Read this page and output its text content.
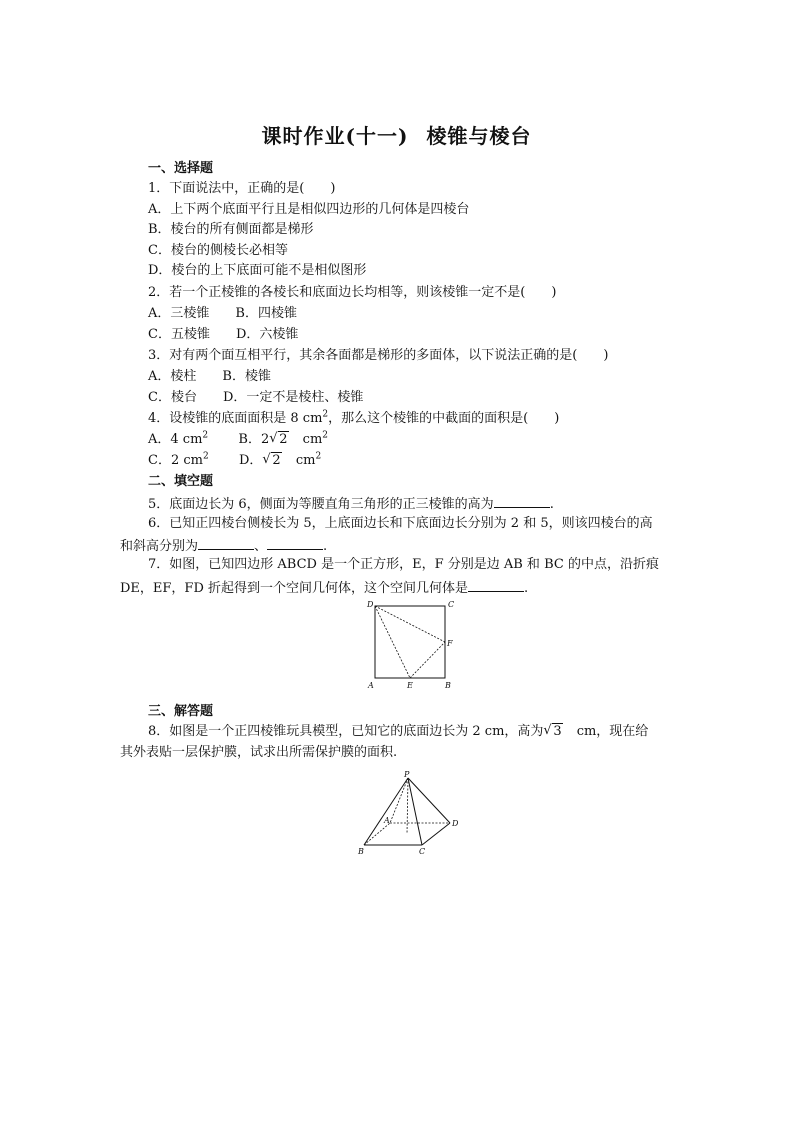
课时作业(十一) 棱锥与棱台
一、选择题
1．下面说法中，正确的是(　　)
A．上下两个底面平行且是相似四边形的几何体是四棱台
B．棱台的所有侧面都是梯形
C．棱台的侧棱长必相等
D．棱台的上下底面可能不是相似图形
2．若一个正棱锥的各棱长和底面边长均相等，则该棱锥一定不是(　　)
A．三棱锥　　B．四棱锥
C．五棱锥　　D．六棱锥
3．对有两个面互相平行，其余各面都是梯形的多面体，以下说法正确的是(　　)
A．棱柱　　B．棱锥
C．棱台　　D．一定不是棱柱、棱锥
4．设棱锥的底面面积是 8 $cm^2$，那么这个棱锥的中截面的面积是(　　)
A．4 $cm^2$ B．2 √ 2 $cm^2$
C．2 $cm^2$ D． √ 2 $cm^2$
二、填空题
5．底面边长为 6，侧面为等腰直角三角形的正三棱锥的高为	.
6．已知正四棱台侧棱长为 5，上底面边长和下底面边长分别为 2 和 5，则该四棱台的高
和斜高分别为	、	.
7．如图，已知四边形 ABCD 是一个正方形，E，F 分别是边 AB 和 BC 的中点，沿折痕
DE，EF，FD 折起得到一个空间几何体，这个空间几何体是	.
D	C
F
A	E	B
三、解答题
8．如图是一个正四棱锥玩具模型，已知它的底面边长为 2 cm，高为 √ 3 cm，现在给
其外表贴一层保护膜，试求出所需保护膜的面积.
P
A	D
B	C
